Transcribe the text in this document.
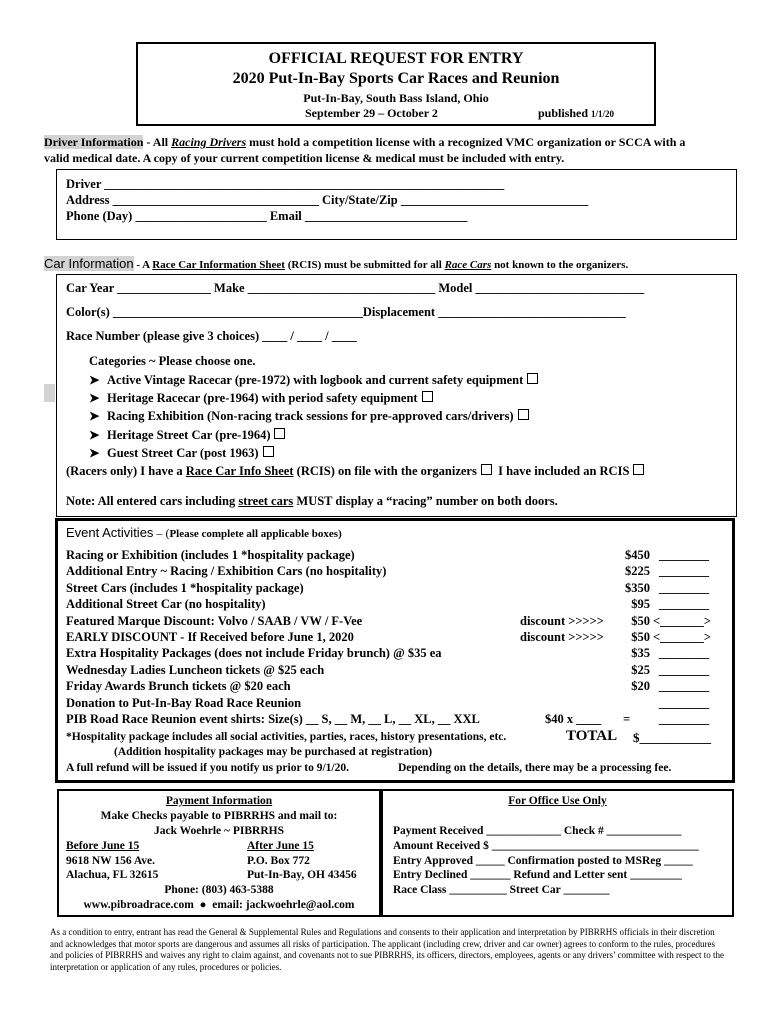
OFFICIAL REQUEST FOR ENTRY
2020 Put-In-Bay Sports Car Races and Reunion
Put-In-Bay, South Bass Island, Ohio
September 29 – October 2	published 1/1/20
Driver Information - All Racing Drivers must hold a competition license with a recognized VMC organization or SCCA with a
valid medical date. A copy of your current competition license & medical must be included with entry.
Driver ________________________________________________________________
Address _________________________________ City/State/Zip ______________________________
Phone (Day) _____________________ Email __________________________
Car Information - A Race Car Information Sheet (RCIS) must be submitted for all Race Cars not known to the organizers.
Car Year _______________ Make ______________________________ Model ___________________________
Color(s) ________________________________________Displacement ______________________________
Race Number (please give 3 choices) ____ / ____ / ____
Categories ~ Please choose one.
➤ Active Vintage Racecar (pre-1972) with logbook and current safety equipment
➤ Heritage Racecar (pre-1964) with period safety equipment
➤ Racing Exhibition (Non-racing track sessions for pre-approved cars/drivers)
➤ Heritage Street Car (pre-1964)
➤ Guest Street Car (post 1963)
(Racers only) I have a Race Car Info Sheet (RCIS) on file with the organizers I have included an RCIS
Note: All entered cars including street cars MUST display a “racing” number on both doors.
Event Activities – (Please complete all applicable boxes)
Racing or Exhibition (includes 1 *hospitality package)	$450 ________
Additional Entry ~ Racing / Exhibition Cars (no hospitality)	$225 ________
Street Cars (includes 1 *hospitality package)	$350 ________
Additional Street Car (no hospitality)	$95 ________
Featured Marque Discount: Volvo / SAAB / VW / F-Vee	discount >>>>> $50 <_______>
EARLY DISCOUNT - If Received before June 1, 2020	discount >>>>> $50 <_______>
Extra Hospitality Packages (does not include Friday brunch) @ $35 ea	$35 ________
Wednesday Ladies Luncheon tickets @ $25 each	$25 ________
Friday Awards Brunch tickets @ $20 each	$20 ________
Donation to Put-In-Bay Road Race Reunion	________
PIB Road Race Reunion event shirts: Size(s) __ S, __ M, __ L, __ XL, __ XXL	$40 x ____ = ________
*Hospitality package includes all social activities, parties, races, history presentations, etc.	TOTAL $___________
(Addition hospitality packages may be purchased at registration)
A full refund will be issued if you notify us prior to 9/1/20.	Depending on the details, there may be a processing fee.
Payment Information
Make Checks payable to PIBRRHS and mail to:
Jack Woehrle ~ PIBRRHS
Before June 15	After June 15
9618 NW 156 Ave.	P.O. Box 772
Alachua, FL 32615	Put-In-Bay, OH 43456
Phone: (803) 463-5388
www.pibroadrace.com  ●  email: jackwoehrle@aol.com
For Office Use Only
Payment Received _____________ Check # _____________
Amount Received $ ____________________________________
Entry Approved _____ Confirmation posted to MSReg _____
Entry Declined _______ Refund and Letter sent _________
Race Class __________ Street Car ________
As a condition to entry, entrant has read the General & Supplemental Rules and Regulations and consents to their application and interpretation by PIBRRHS officials in their discretion and acknowledges that motor sports are dangerous and assumes all risks of participation. The applicant (including crew, driver and car owner) agrees to conform to the rules, procedures and policies of PIBRRHS and waives any right to claim against, and covenants not to sue PIBRRHS, its officers, directors, employees, agents or any drivers’ committee with respect to the interpretation or application of any rules, procedures or policies.
